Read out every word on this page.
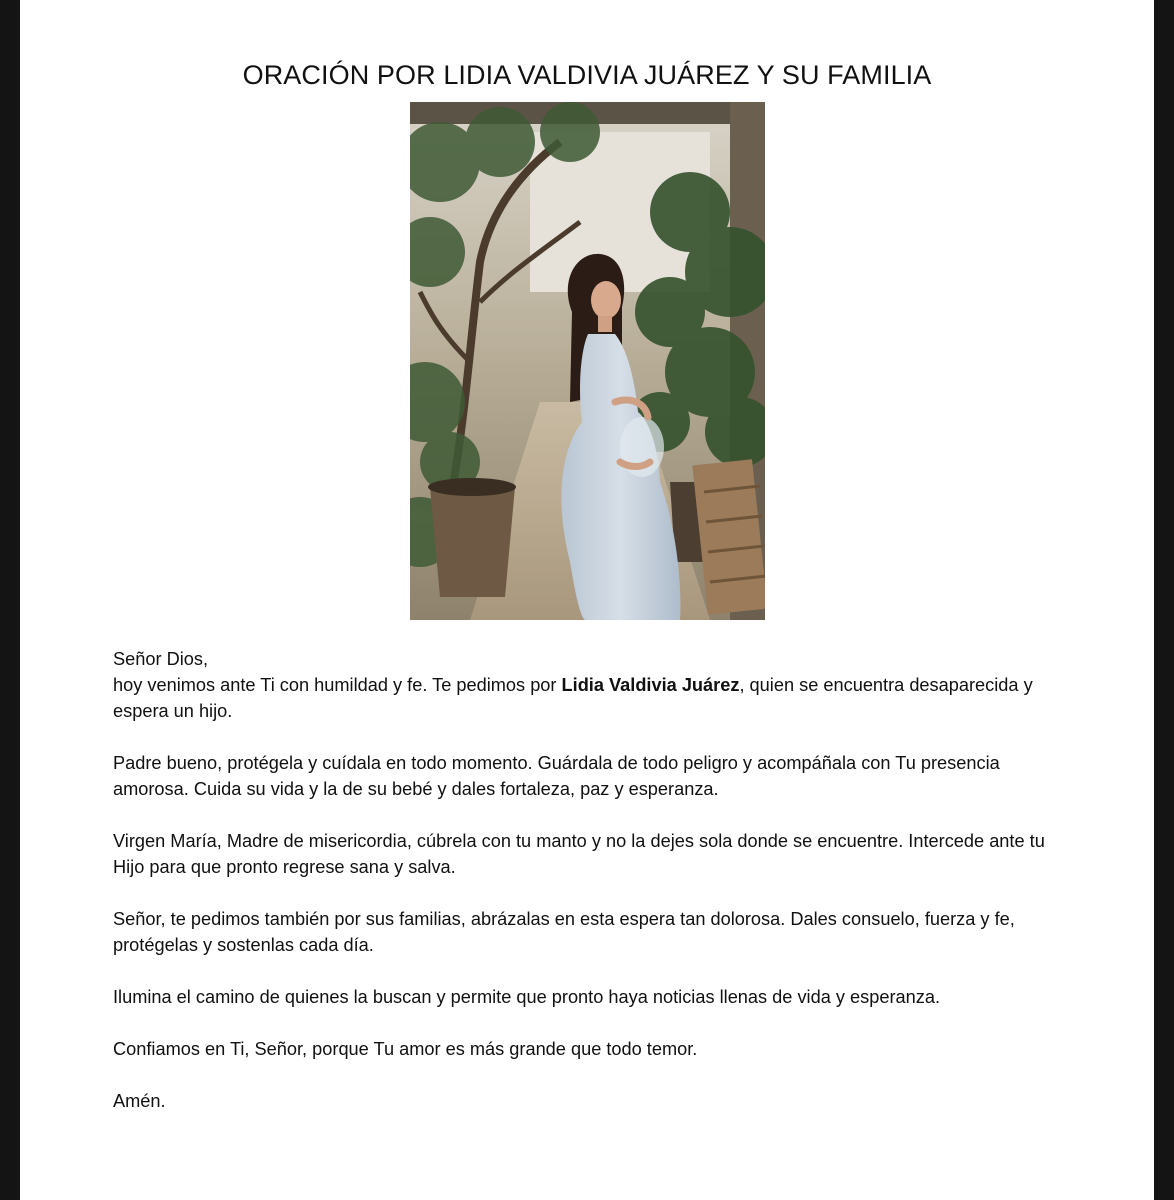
ORACIÓN POR LIDIA VALDIVIA JUÁREZ Y SU FAMILIA

Señor Dios,
hoy venimos ante Ti con humildad y fe. Te pedimos por Lidia Valdivia Juárez, quien se encuentra desaparecida y espera un hijo.

Padre bueno, protégela y cuídala en todo momento. Guárdala de todo peligro y acompáñala con Tu presencia amorosa. Cuida su vida y la de su bebé y dales fortaleza, paz y esperanza.

Virgen María, Madre de misericordia, cúbrela con tu manto y no la dejes sola donde se encuentre. Intercede ante tu Hijo para que pronto regrese sana y salva.

Señor, te pedimos también por sus familias, abrázalas en esta espera tan dolorosa. Dales consuelo, fuerza y fe, protégelas y sostenlas cada día.

Ilumina el camino de quienes la buscan y permite que pronto haya noticias llenas de vida y esperanza.

Confiamos en Ti, Señor, porque Tu amor es más grande que todo temor.

Amén.
